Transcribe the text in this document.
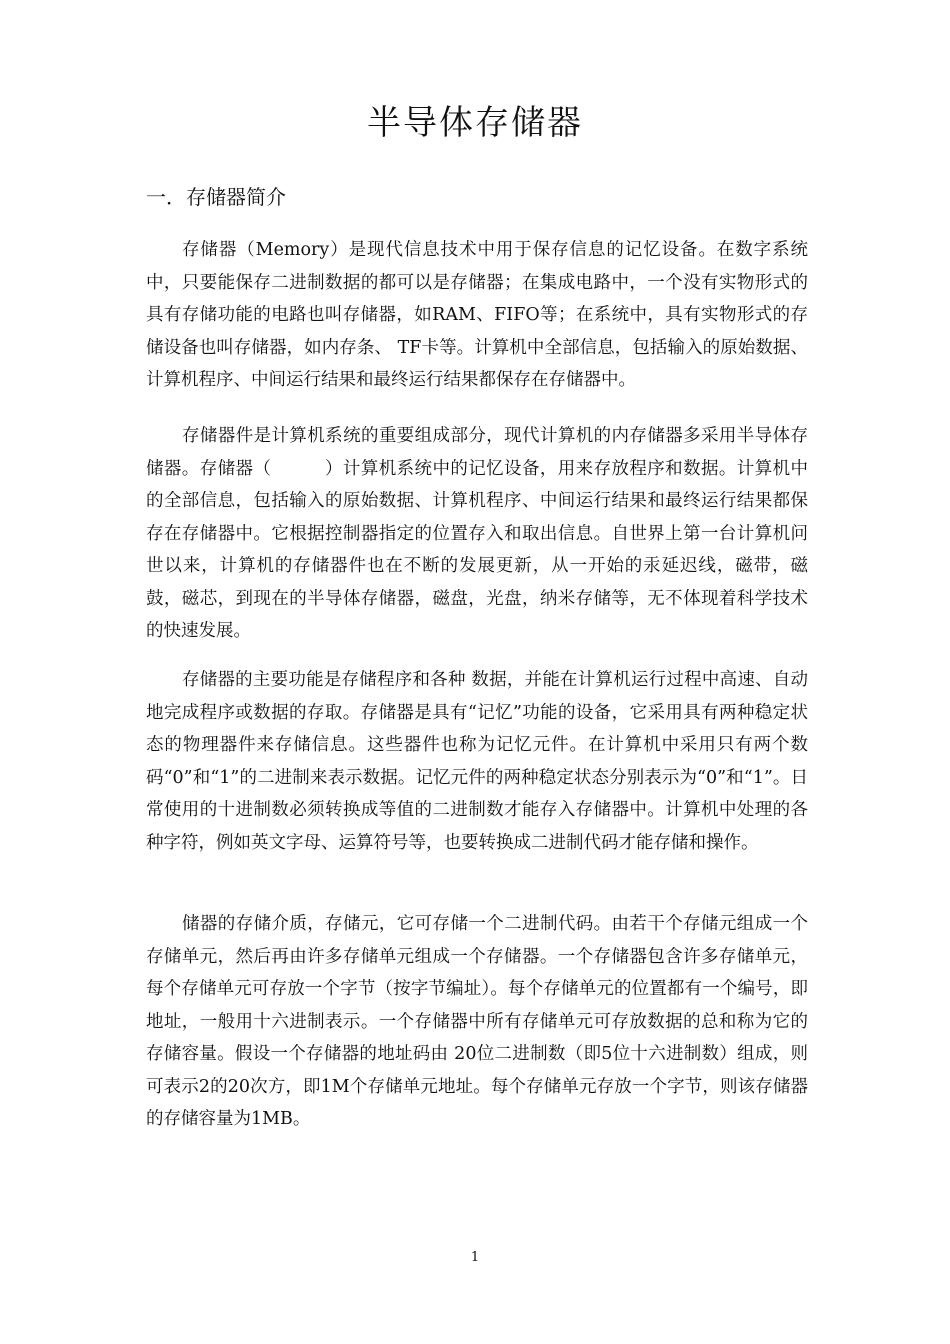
半导体存储器
一．存储器简介

存储器（Memory）是现代信息技术中用于保存信息的记忆设备。在数字系统中，只要能保存二进制数据的都可以是存储器；在集成电路中，一个没有实物形式的具有存储功能的电路也叫存储器，如RAM、FIFO等；在系统中，具有实物形式的存储设备也叫存储器，如内存条、 TF卡等。计算机中全部信息，包括输入的原始数据、计算机程序、中间运行结果和最终运行结果都保存在存储器中。

存储器件是计算机系统的重要组成部分，现代计算机的内存储器多采用半导体存储器。存储器（　　　）计算机系统中的记忆设备，用来存放程序和数据。计算机中的全部信息，包括输入的原始数据、计算机程序、中间运行结果和最终运行结果都保存在存储器中。它根据控制器指定的位置存入和取出信息。自世界上第一台计算机问世以来，计算机的存储器件也在不断的发展更新，从一开始的汞延迟线，磁带，磁鼓，磁芯，到现在的半导体存储器，磁盘，光盘，纳米存储等，无不体现着科学技术的快速发展。

存储器的主要功能是存储程序和各种 数据，并能在计算机运行过程中高速、自动地完成程序或数据的存取。存储器是具有“记忆”功能的设备，它采用具有两种稳定状态的物理器件来存储信息。这些器件也称为记忆元件。在计算机中采用只有两个数码“0”和“1”的二进制来表示数据。记忆元件的两种稳定状态分别表示为“0”和“1”。日常使用的十进制数必须转换成等值的二进制数才能存入存储器中。计算机中处理的各种字符，例如英文字母、运算符号等，也要转换成二进制代码才能存储和操作。

储器的存储介质，存储元，它可存储一个二进制代码。由若干个存储元组成一个存储单元，然后再由许多存储单元组成一个存储器。一个存储器包含许多存储单元，每个存储单元可存放一个字节（按字节编址）。每个存储单元的位置都有一个编号，即地址，一般用十六进制表示。一个存储器中所有存储单元可存放数据的总和称为它的存储容量。假设一个存储器的地址码由 20位二进制数（即5位十六进制数）组成，则可表示2的20次方，即1M个存储单元地址。每个存储单元存放一个字节，则该存储器的存储容量为1MB。

1
